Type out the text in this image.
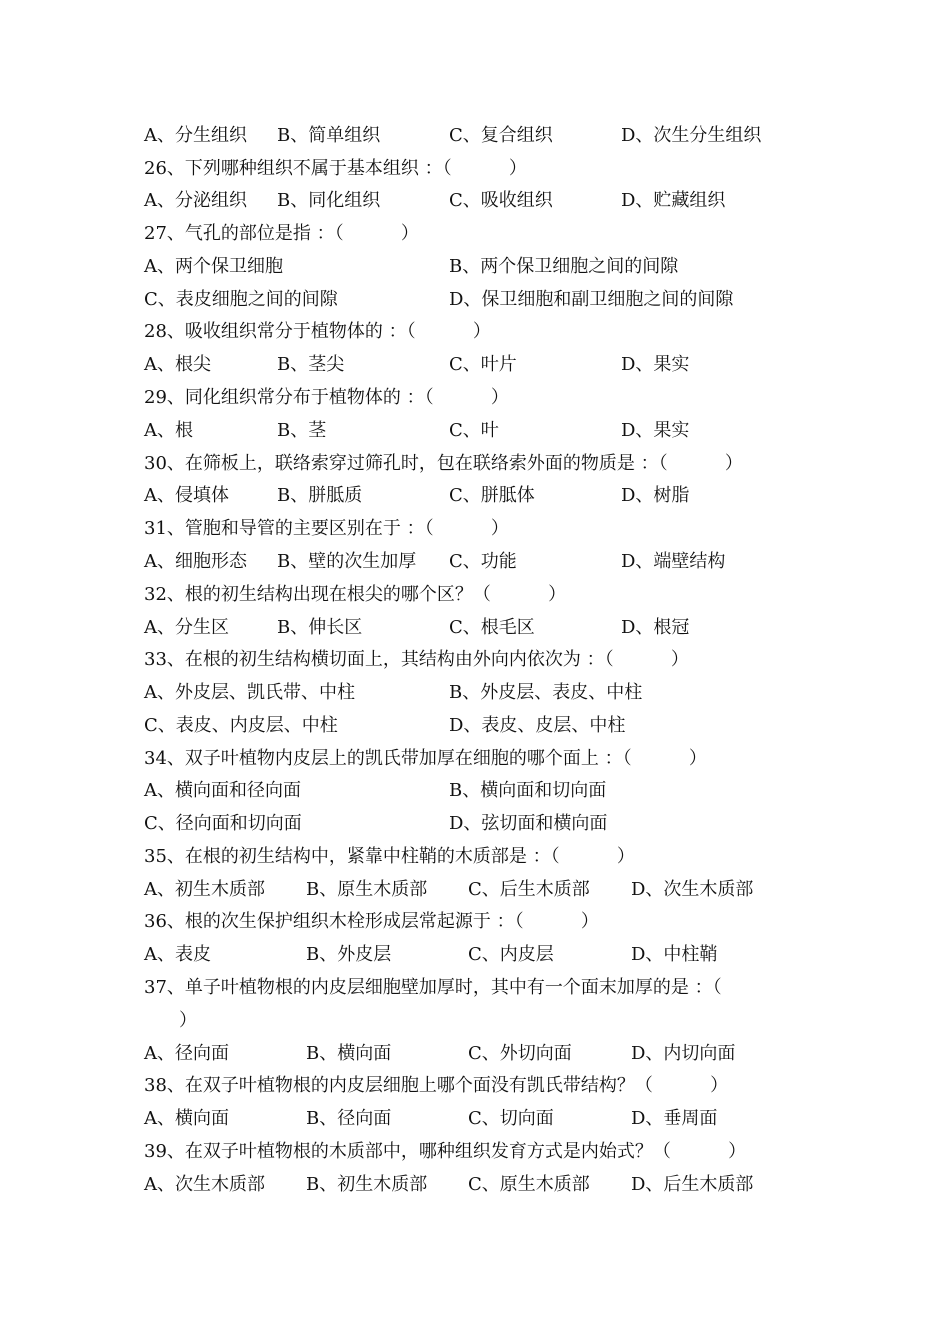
A、分生组织 B、简单组织	C、复合组织	D、次生分生组织
26、下列哪种组织不属于基本组织 ：（          ）
A、分泌组织 B、同化组织	C、吸收组织	D、贮藏组织
27、气孔的部位是指 ：（          ）
A、两个保卫细胞	B、两个保卫细胞之间的间隙
C、表皮细胞之间的间隙	D、保卫细胞和副卫细胞之间的间隙
28、吸收组织常分于植物体的 ：（          ）
A、根尖	B、茎尖	C、叶片	D、果实
29、同化组织常分布于植物体的 ：（          ）
A、根	B、茎	C、叶	D、果实
30、在筛板上，联络索穿过筛孔时，包在联络索外面的物质是 ：（          ）
A、侵填体	B、胼胝质	C、胼胝体	D、树脂
31、管胞和导管的主要区别在于 ：（          ）
A、细胞形态 B、壁的次生加厚 C、功能	D、端壁结构
32、根的初生结构出现在根尖的哪个区？（          ）
A、分生区	B、伸长区	C、根毛区	D、根冠
33、在根的初生结构横切面上，其结构由外向内依次为 ：（          ）
A、外皮层、凯氏带、中柱	B、外皮层、表皮、中柱
C、表皮、内皮层、中柱	D、表皮、皮层、中柱
34、双子叶植物内皮层上的凯氏带加厚在细胞的哪个面上 ：（          ）
A、横向面和径向面	B、横向面和切向面
C、径向面和切向面	D、弦切面和横向面
35、在根的初生结构中，紧靠中柱鞘的木质部是 ：（          ）
A、初生木质部 B、原生木质部 C、后生木质部 D、次生木质部
36、根的次生保护组织木栓形成层常起源于 ：（          ）
A、表皮	B、外皮层	C、内皮层	D、中柱鞘
37、单子叶植物根的内皮层细胞壁加厚时，其中有一个面末加厚的是 ：（
）
A、径向面	B、横向面	C、外切向面	D、内切向面
38、在双子叶植物根的内皮层细胞上哪个面没有凯氏带结构？（          ）
A、横向面	B、径向面	C、切向面	D、垂周面
39、在双子叶植物根的木质部中，哪种组织发育方式是内始式？（          ）
A、次生木质部 B、初生木质部 C、原生木质部 D、后生木质部
